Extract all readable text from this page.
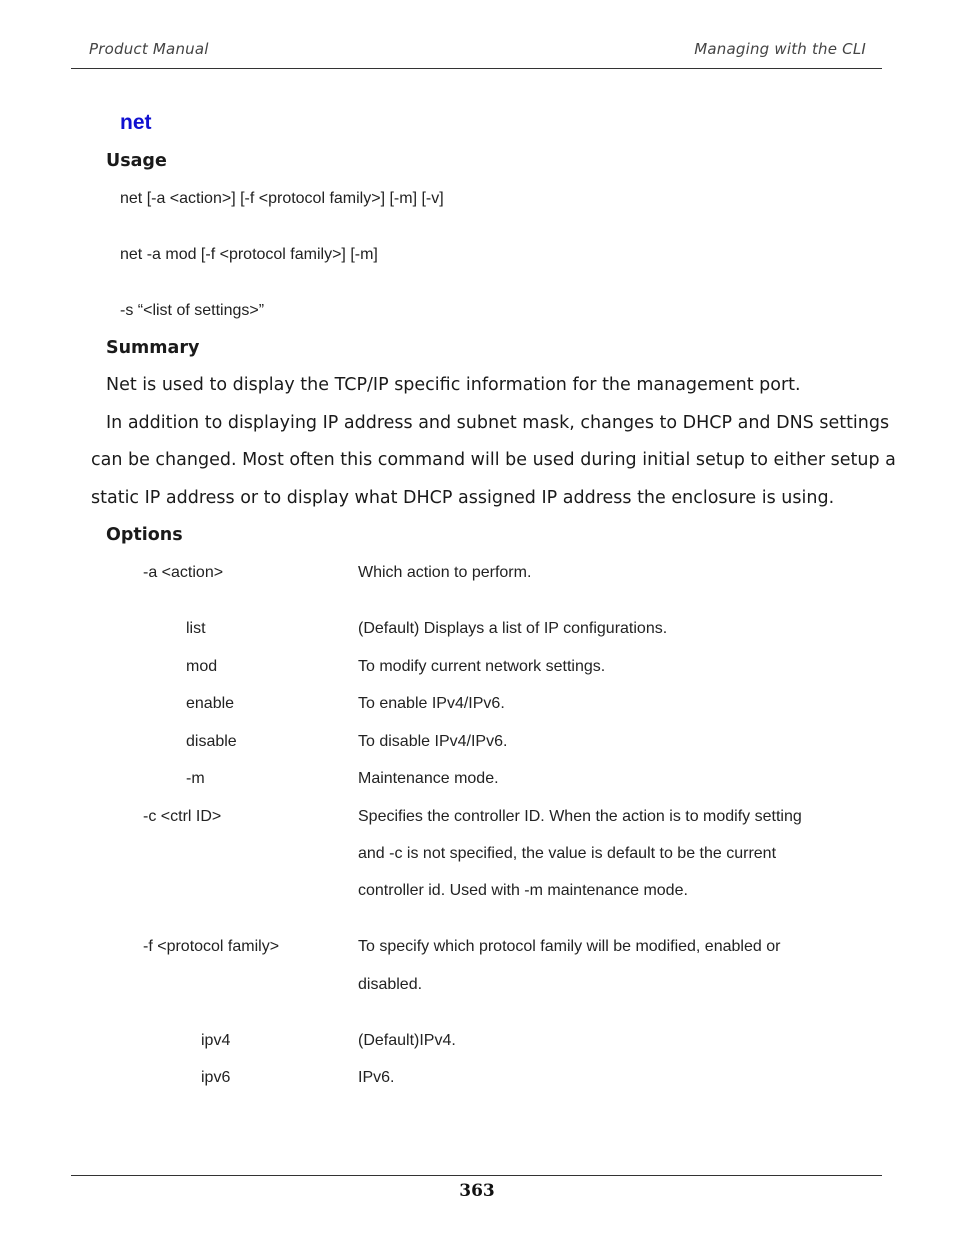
Product Manual	Managing with the CLI
net
Usage
net [-a <action>] [-f <protocol family>] [-m] [-v]
net -a mod [-f <protocol family>] [-m]
-s “<list of settings>”
Summary
Net is used to display the TCP/IP specific information for the management port.
In addition to displaying IP address and subnet mask, changes to DHCP and DNS settings
can be changed. Most often this command will be used during initial setup to either setup a
static IP address or to display what DHCP assigned IP address the enclosure is using.
Options
-a <action>	Which action to perform.
list	(Default) Displays a list of IP configurations.
mod	To modify current network settings.
enable	To enable IPv4/IPv6.
disable	To disable IPv4/IPv6.
-m	Maintenance mode.
-c <ctrl ID>	Specifies the controller ID. When the action is to modify setting
and -c is not specified, the value is default to be the current
controller id. Used with -m maintenance mode.
-f <protocol family>	To specify which protocol family will be modified, enabled or
disabled.
ipv4	(Default)IPv4.
ipv6	IPv6.
363
